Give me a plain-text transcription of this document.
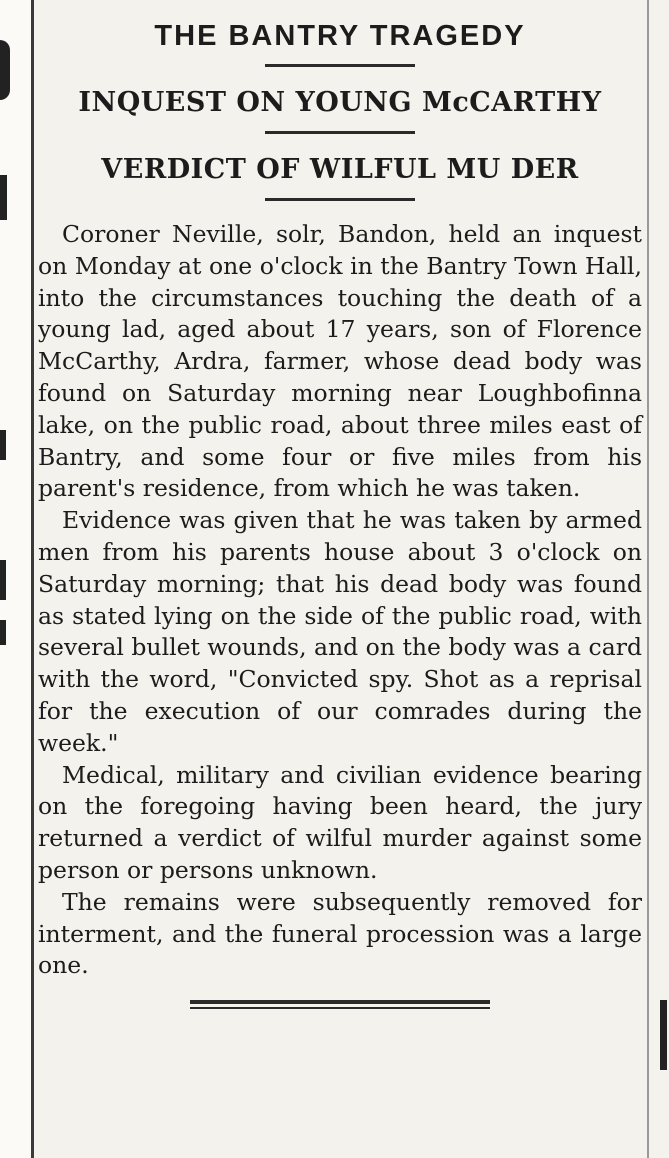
THE BANTRY TRAGEDY
INQUEST ON YOUNG McCARTHY
VERDICT OF WILFUL MU DER

Coroner Neville, solr, Bandon, held an inquest on Monday at one o'clock in the Bantry Town Hall, into the circumstances touching the death of a young lad, aged about 17 years, son of Florence McCarthy, Ardra, farmer, whose dead body was found on Saturday morning near Loughbofinna lake, on the public road, about three miles east of Bantry, and some four or five miles from his parent's residence, from which he was taken.

Evidence was given that he was taken by armed men from his parents house about 3 o'clock on Saturday morning; that his dead body was found as stated lying on the side of the public road, with several bullet wounds, and on the body was a card with the word, "Convicted spy. Shot as a reprisal for the execution of our comrades during the week."

Medical, military and civilian evidence bearing on the foregoing having been heard, the jury returned a verdict of wilful murder against some person or persons unknown.

The remains were subsequently removed for interment, and the funeral procession was a large one.
